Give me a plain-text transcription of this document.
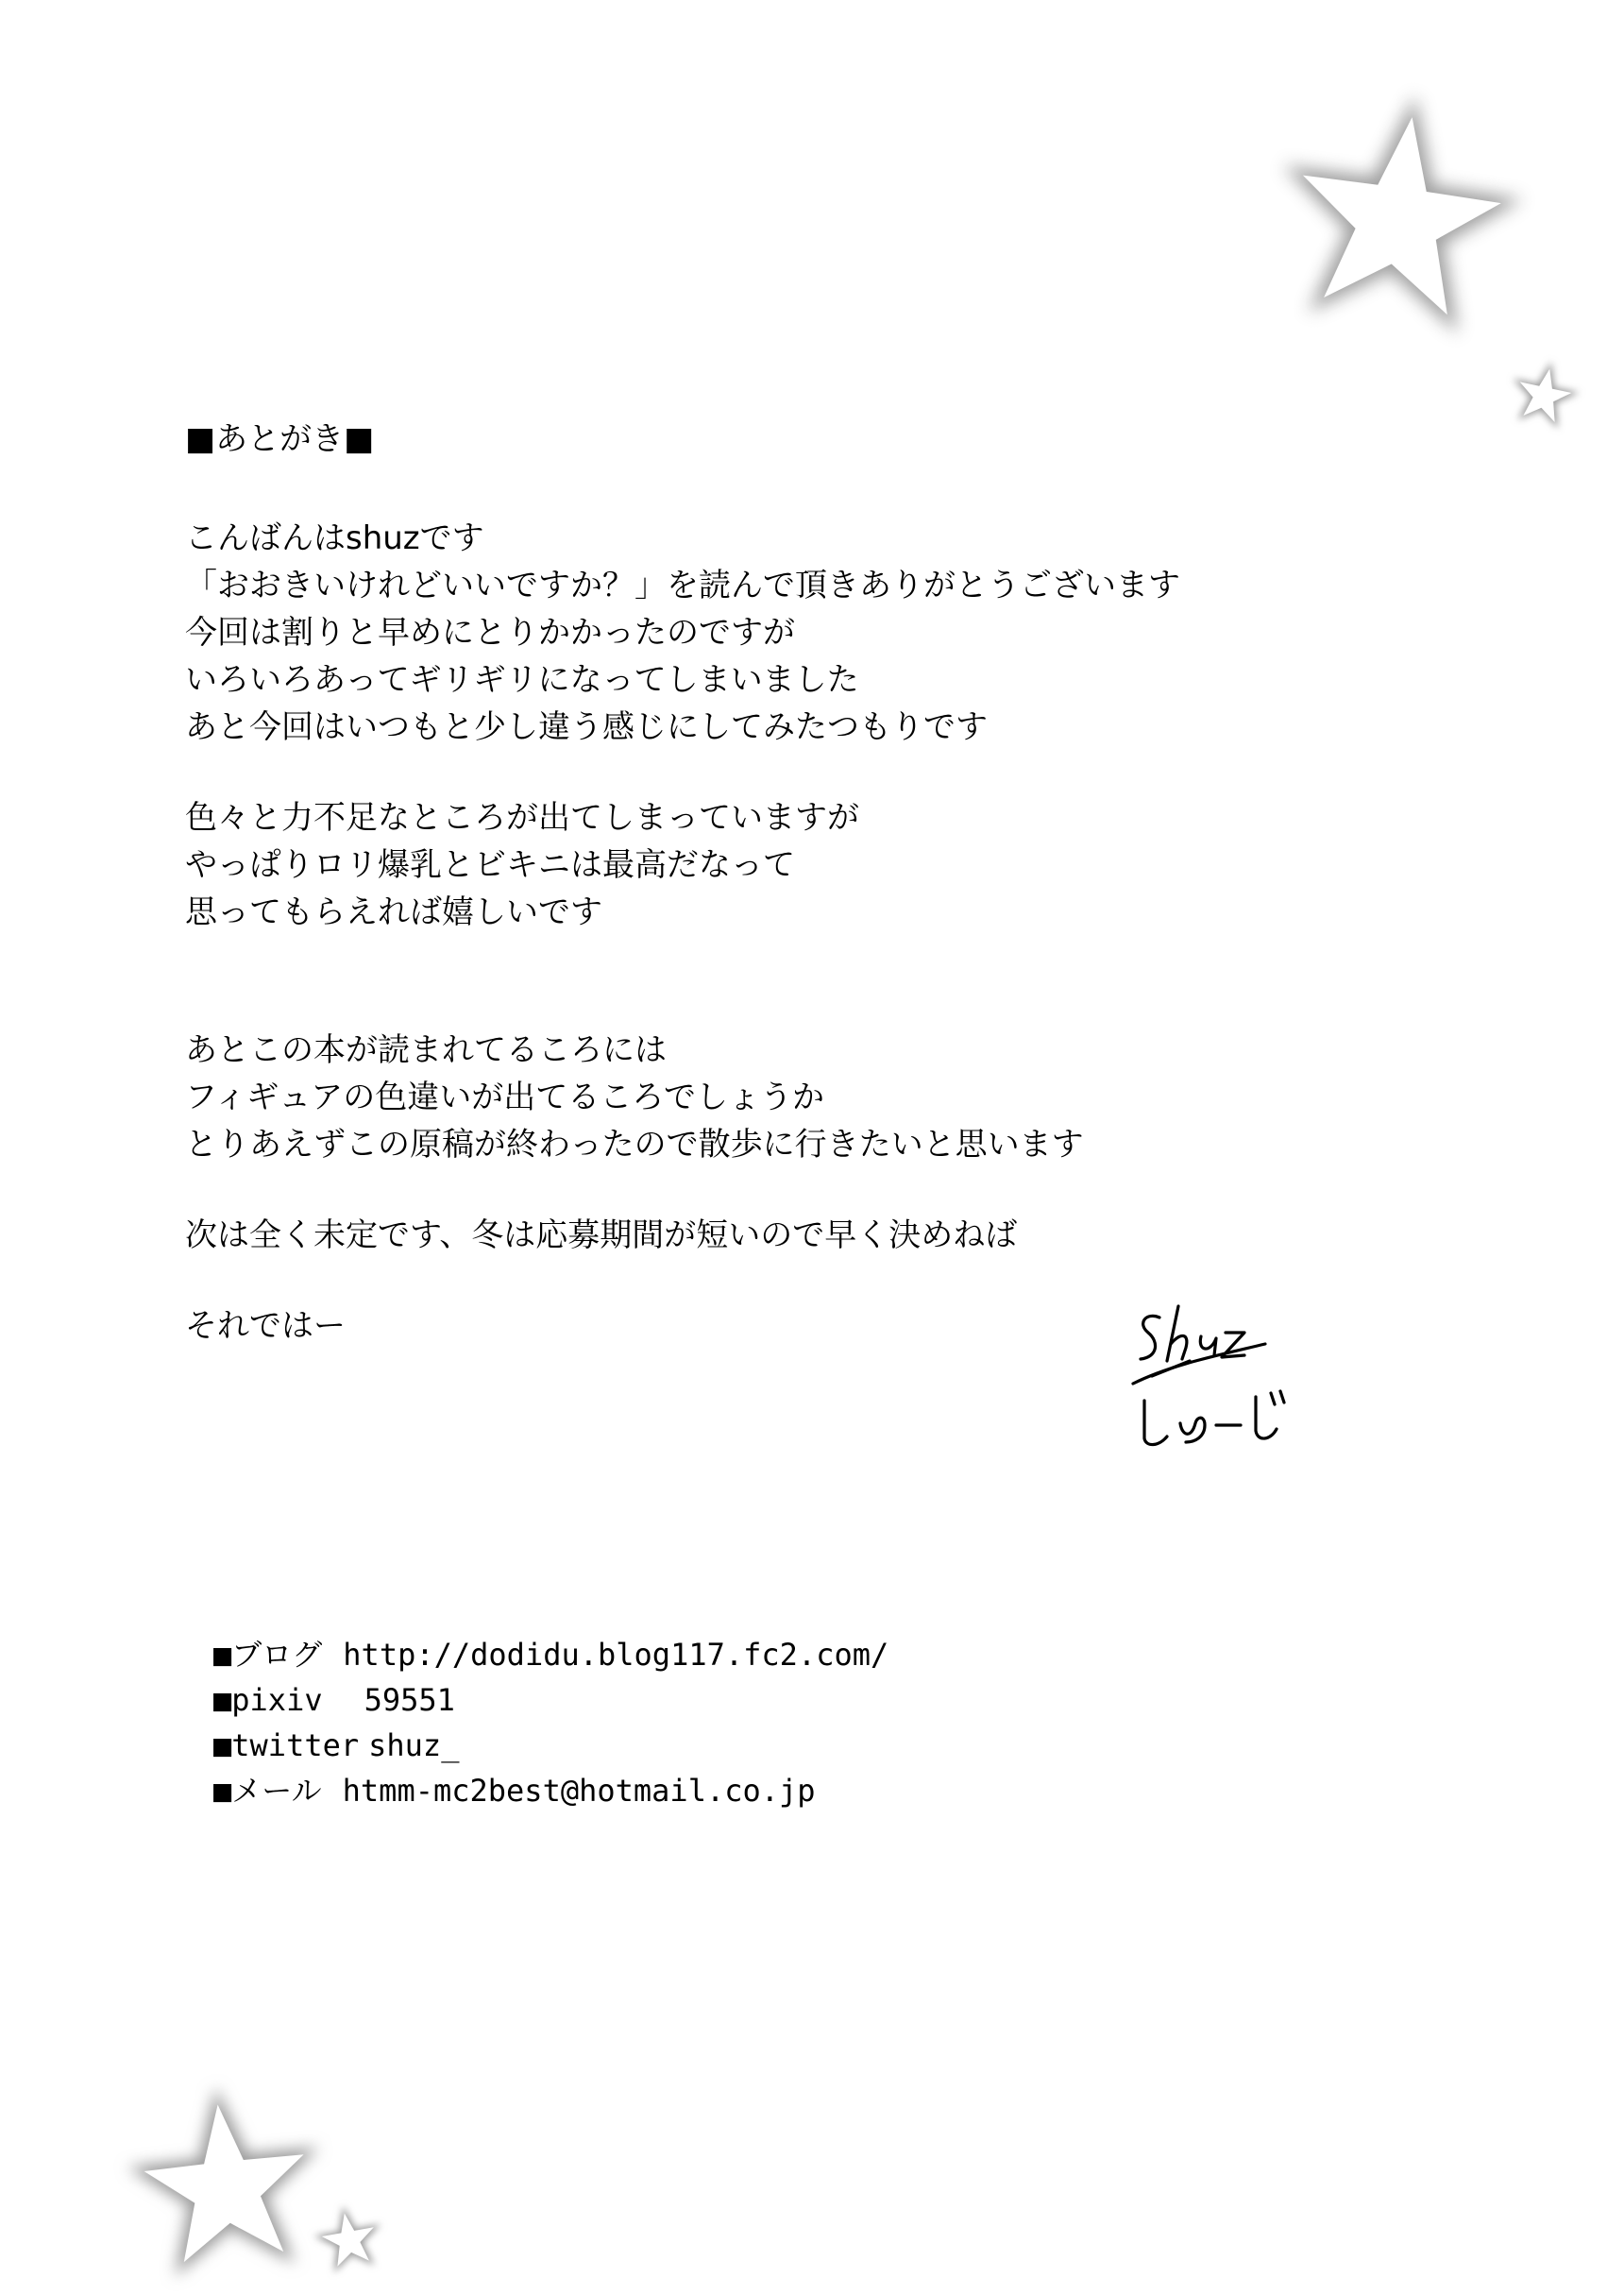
■あとがき■
こんばんはshuzです
「おおきいけれどいいですか？」を読んで頂きありがとうございます
今回は割りと早めにとりかかったのですが
いろいろあってギリギリになってしまいました
あと今回はいつもと少し違う感じにしてみたつもりです
色々と力不足なところが出てしまっていますが
やっぱりロリ爆乳とビキニは最高だなって
思ってもらえれば嬉しいです
あとこの本が読まれてるころには
フィギュアの色違いが出てるころでしょうか
とりあえずこの原稿が終わったので散歩に行きたいと思います
次は全く未定です、冬は応募期間が短いので早く決めねば
それではー
■ブログ http://dodidu.blog117.fc2.com/
■pixiv 59551
■twitter shuz_
■メール htmm-mc2best@hotmail.co.jp
